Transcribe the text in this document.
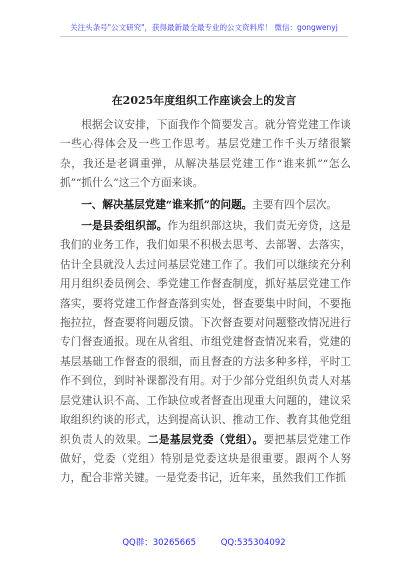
关注头条号"公文研究"，获得最新最全最专业的公文资料库！ 微信：gongwenyj
在2025年度组织工作座谈会上的发言

根据会议安排，下面我作个简要发言。就分管党建工作谈一些心得体会及一些工作思考。基层党建工作千头万绪很繁杂，我还是老调重弹，从解决基层党建工作“谁来抓”“怎么抓”“抓什么”这三个方面来谈。

一、解决基层党建“谁来抓”的问题。主要有四个层次。

一是县委组织部。作为组织部这块，我们责无旁贷，这是我们的业务工作，我们如果不积极去思考、去部署、去落实，估计全县就没人去过问基层党建工作了。我们可以继续充分利用月组织委员例会、季党建工作督查制度，抓好基层党建工作落实，要将党建工作督查落到实处，督查要集中时间，不要拖拖拉拉，督查要将问题反馈。下次督查要对问题整改情况进行专门督查通报。现在从省组、市组党建督查情况来看，党建的基层基础工作督查的很细，而且督查的方法多种多样，平时工作不到位，到时补课都没有用。对于少部分党组织负责人对基层党建认识不高、工作缺位或者督查出现重大问题的，建议采取组织约谈的形式，达到提高认识、推动工作、教育其他党组织负责人的效果。二是基层党委（党组）。要把基层党建工作做好，党委（党组）特别是党委这块是很重要。跟两个人努力，配合非常关键。一是党委书记，近年来，虽然我们工作抓

QQ群：30265665	QQ:535304092
